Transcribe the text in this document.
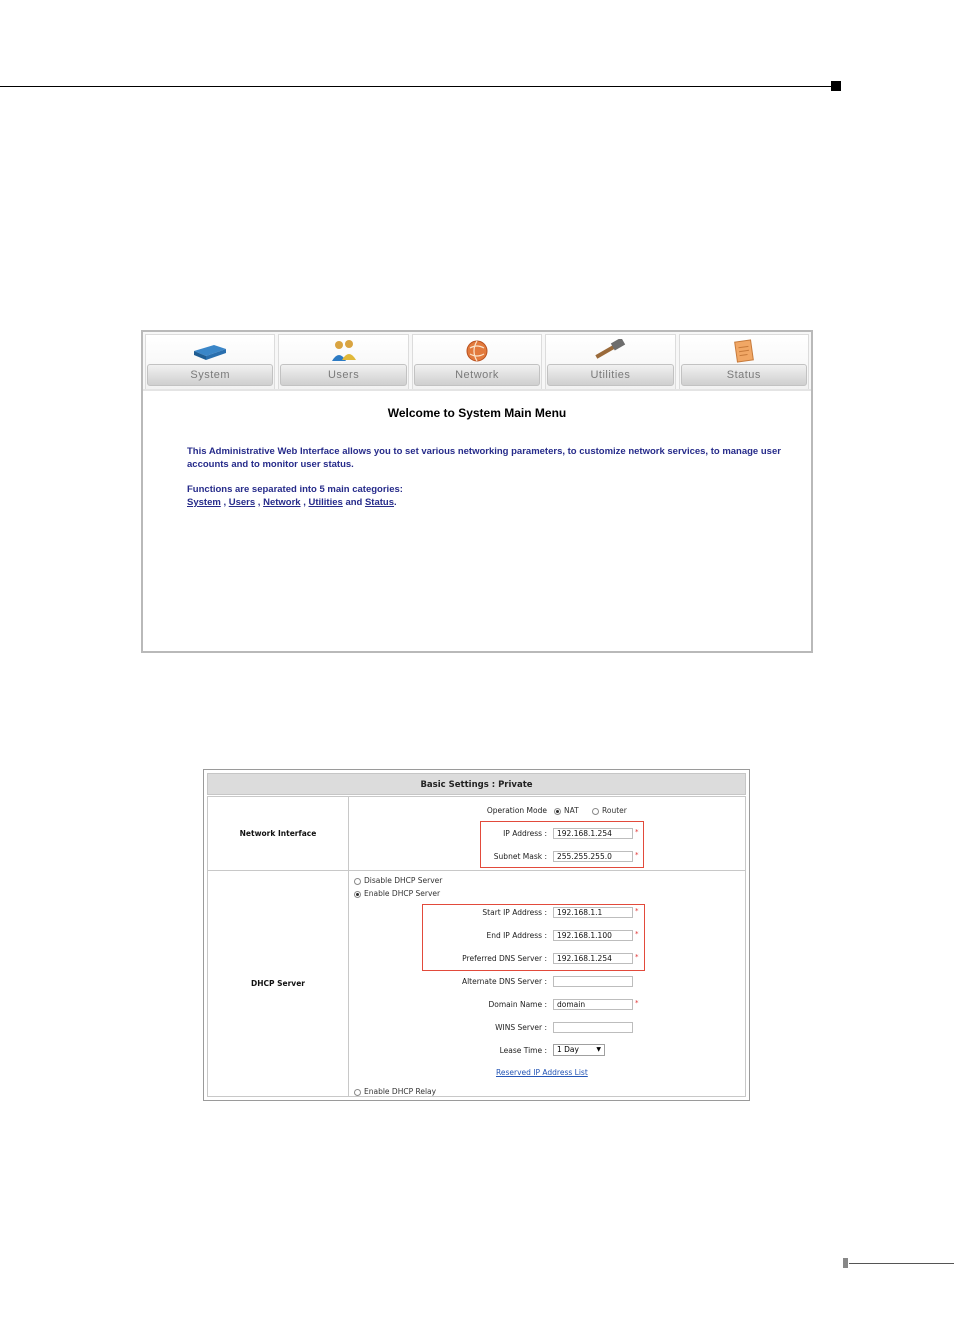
System	Users	Network	Utilities	Status
Welcome to System Main Menu
This Administrative Web Interface allows you to set various networking parameters, to customize network services, to manage user accounts and to monitor user status.
Functions are separated into 5 main categories:
System , Users , Network , Utilities and Status.
Basic Settings : Private
Network Interface
Operation Mode NAT	Router
IP Address :	192.168.1.254	*
Subnet Mask :	255.255.255.0	*
DHCP Server
Disable DHCP Server
Enable DHCP Server
Start IP Address :	192.168.1.1	*
End IP Address :	192.168.1.100	*
Preferred DNS Server :	192.168.1.254	*
Alternate DNS Server :
Domain Name :	domain	*
WINS Server :
Lease Time :	1 Day	▼
Reserved IP Address List
Enable DHCP Relay
